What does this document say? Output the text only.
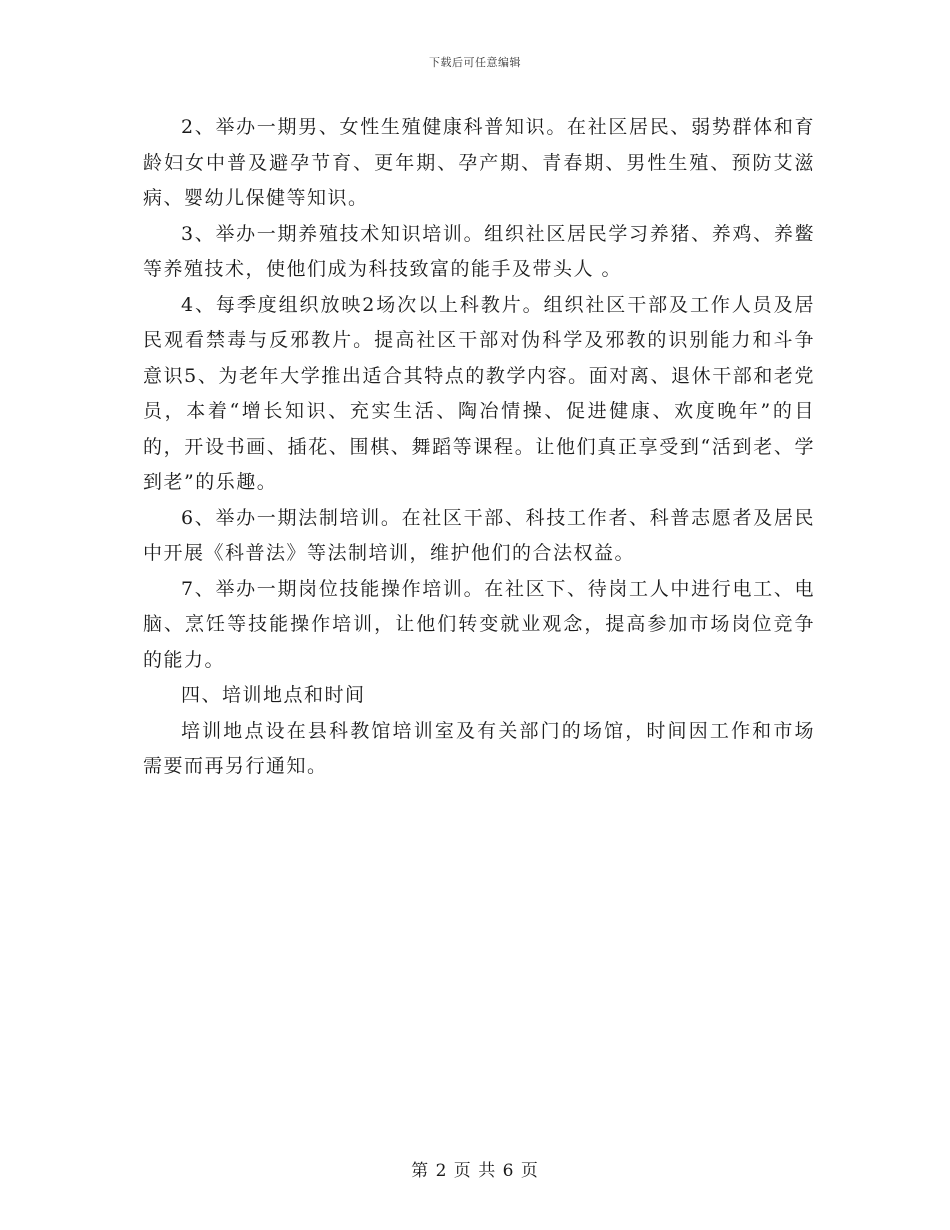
下载后可任意编辑

2、举办一期男、女性生殖健康科普知识。在社区居民、弱势群体和育龄妇女中普及避孕节育、更年期、孕产期、青春期、男性生殖、预防艾滋病、婴幼儿保健等知识。

3、举办一期养殖技术知识培训。组织社区居民学习养猪、养鸡、养鳖等养殖技术，使他们成为科技致富的能手及带头人 。

4、每季度组织放映2场次以上科教片。组织社区干部及工作人员及居民观看禁毒与反邪教片。提高社区干部对伪科学及邪教的识别能力和斗争意识5、为老年大学推出适合其特点的教学内容。面对离、退休干部和老党员，本着“增长知识、充实生活、陶冶情操、促进健康、欢度晚年”的目的，开设书画、插花、围棋、舞蹈等课程。让他们真正享受到“活到老、学到老”的乐趣。

6、举办一期法制培训。在社区干部、科技工作者、科普志愿者及居民中开展《科普法》等法制培训，维护他们的合法权益。

7、举办一期岗位技能操作培训。在社区下、待岗工人中进行电工、电脑、烹饪等技能操作培训，让他们转变就业观念，提高参加市场岗位竞争的能力。

四、培训地点和时间

培训地点设在县科教馆培训室及有关部门的场馆，时间因工作和市场需要而再另行通知。

第 2 页 共 6 页
